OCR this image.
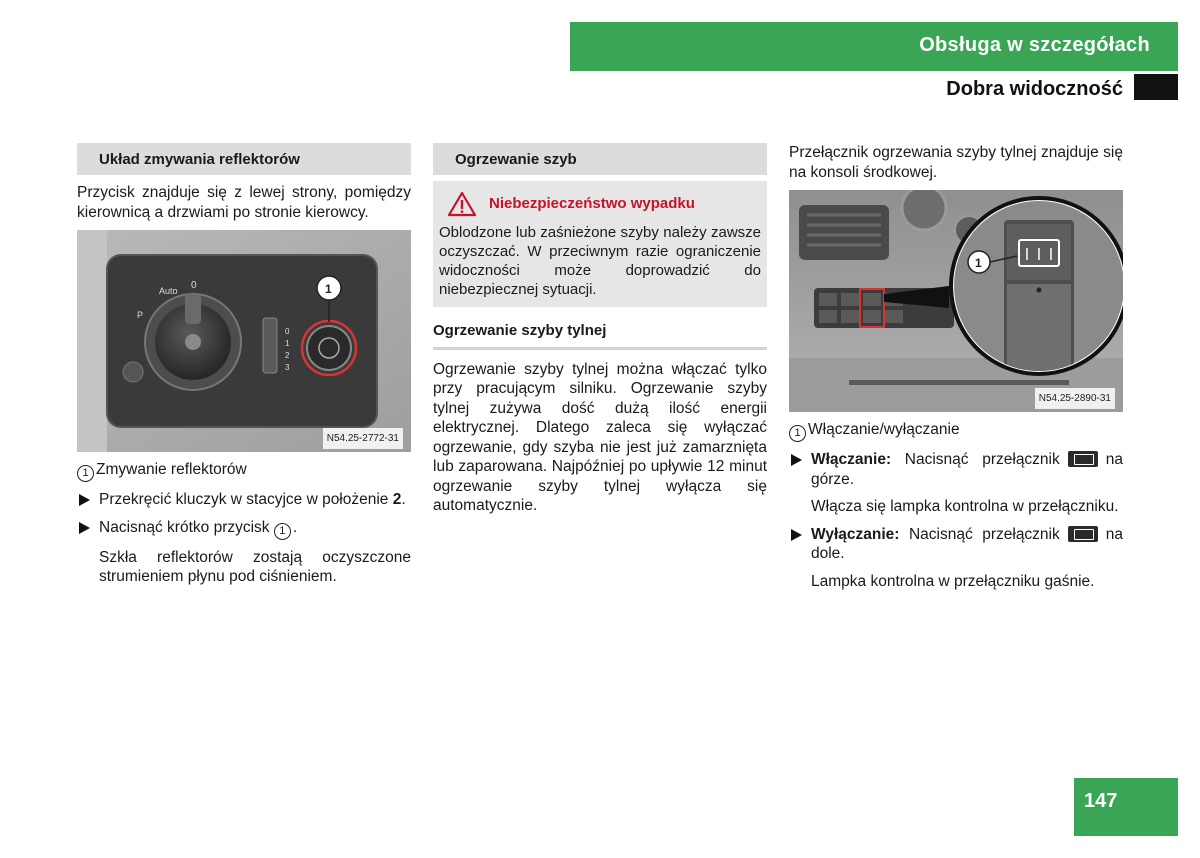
Obsługa w szczegółach
Dobra widoczność
Układ zmywania reflektorów

Przycisk znajduje się z lewej strony, pomiędzy kierownicą a drzwiami po stronie kierowcy.

Auto 0
P
0
1
2
3
1
N54.25-2772-31

1 Zmywanie reflektorów

Przekręcić kluczyk w stacyjce w położenie 2.

Nacisnąć krótko przycisk 1 .

Szkła reflektorów zostają oczyszczone strumieniem płynu pod ciśnieniem.

Ogrzewanie szyb
Niebezpieczeństwo wypadku

Oblodzone lub zaśnieżone szyby należy zawsze oczyszczać. W przeciwnym razie ograniczenie widoczności może doprowadzić do niebezpiecznej sytuacji.

Ogrzewanie szyby tylnej

Ogrzewanie szyby tylnej można włączać tylko przy pracującym silniku. Ogrzewanie szyby tylnej zużywa dość dużą ilość energii elektrycznej. Dlatego zaleca się wyłączać ogrzewanie, gdy szyba nie jest już zamarznięta lub zaparowana. Najpóźniej po upływie 12 minut ogrzewanie szyby tylnej wyłącza się automatycznie.

Przełącznik ogrzewania szyby tylnej znajduje się na konsoli środkowej.

1
N54.25-2890-31

1 Włączanie/wyłączanie

Włączanie: Nacisnąć przełącznik	na górze.

Włącza się lampka kontrolna w przełączniku.

Wyłączanie: Nacisnąć przełącznik	na dole.

Lampka kontrolna w przełączniku gaśnie.

147
